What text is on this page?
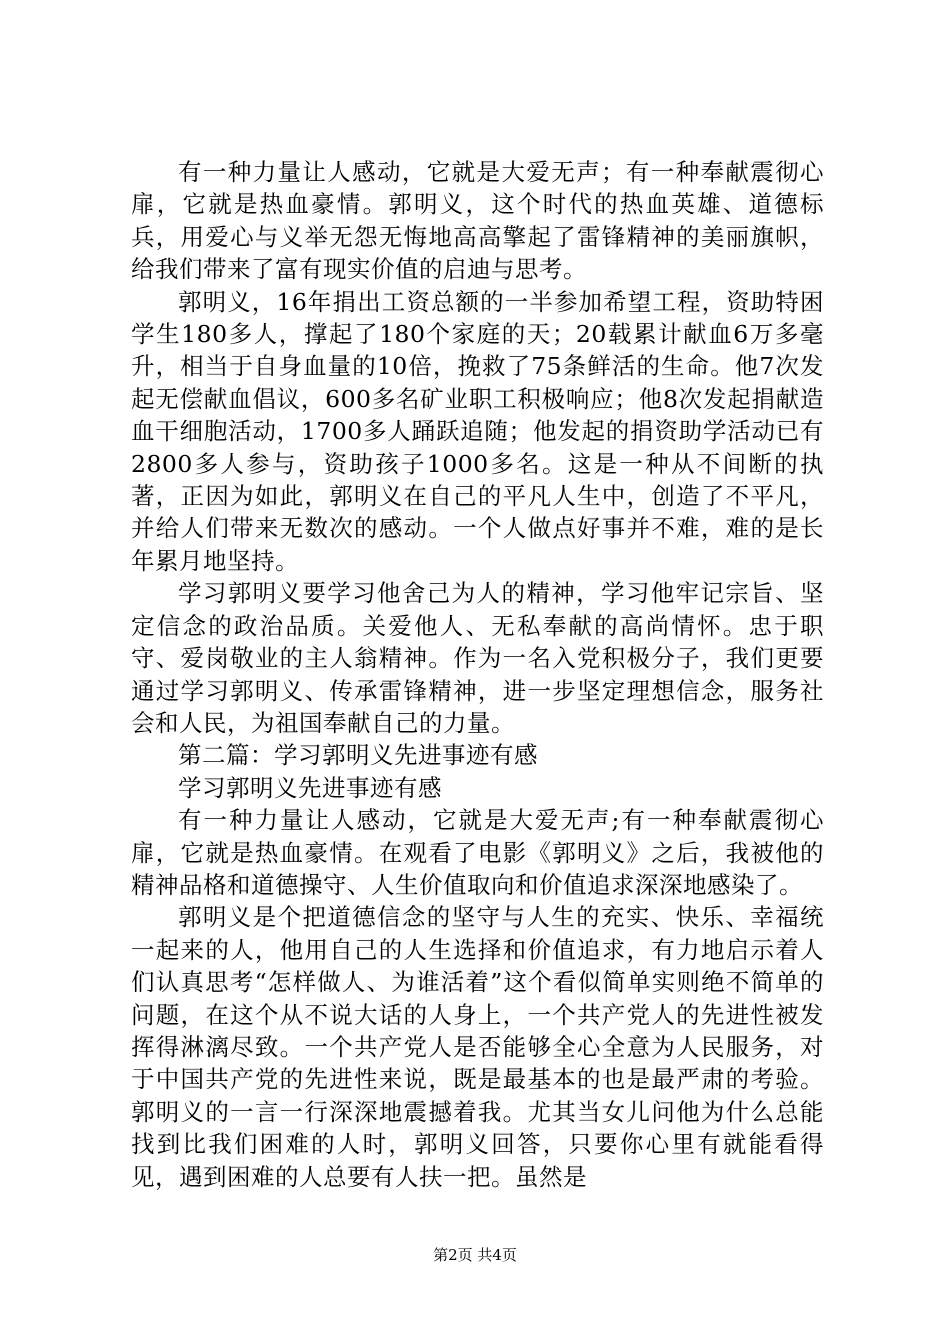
有一种力量让人感动，它就是大爱无声；有一种奉献震彻心扉，它就是热血豪情。郭明义，这个时代的热血英雄、道德标兵，用爱心与义举无怨无悔地高高擎起了雷锋精神的美丽旗帜，给我们带来了富有现实价值的启迪与思考。

郭明义，16年捐出工资总额的一半参加希望工程，资助特困学生180多人，撑起了180个家庭的天；20载累计献血6万多毫升，相当于自身血量的10倍，挽救了75条鲜活的生命。他7次发起无偿献血倡议，600多名矿业职工积极响应；他8次发起捐献造血干细胞活动，1700多人踊跃追随；他发起的捐资助学活动已有2800多人参与，资助孩子1000多名。这是一种从不间断的执著，正因为如此，郭明义在自己的平凡人生中，创造了不平凡，并给人们带来无数次的感动。一个人做点好事并不难，难的是长年累月地坚持。

学习郭明义要学习他舍己为人的精神，学习他牢记宗旨、坚定信念的政治品质。关爱他人、无私奉献的高尚情怀。忠于职守、爱岗敬业的主人翁精神。作为一名入党积极分子，我们更要通过学习郭明义、传承雷锋精神，进一步坚定理想信念，服务社会和人民，为祖国奉献自己的力量。

第二篇：学习郭明义先进事迹有感

学习郭明义先进事迹有感

有一种力量让人感动，它就是大爱无声;有一种奉献震彻心扉，它就是热血豪情。在观看了电影《郭明义》之后，我被他的精神品格和道德操守、人生价值取向和价值追求深深地感染了。

郭明义是个把道德信念的坚守与人生的充实、快乐、幸福统一起来的人，他用自己的人生选择和价值追求，有力地启示着人们认真思考“怎样做人、为谁活着”这个看似简单实则绝不简单的问题，在这个从不说大话的人身上，一个共产党人的先进性被发挥得淋漓尽致。一个共产党人是否能够全心全意为人民服务，对于中国共产党的先进性来说，既是最基本的也是最严肃的考验。郭明义的一言一行深深地震撼着我。尤其当女儿问他为什么总能找到比我们困难的人时，郭明义回答，只要你心里有就能看得见，遇到困难的人总要有人扶一把。虽然是

第2页 共4页
